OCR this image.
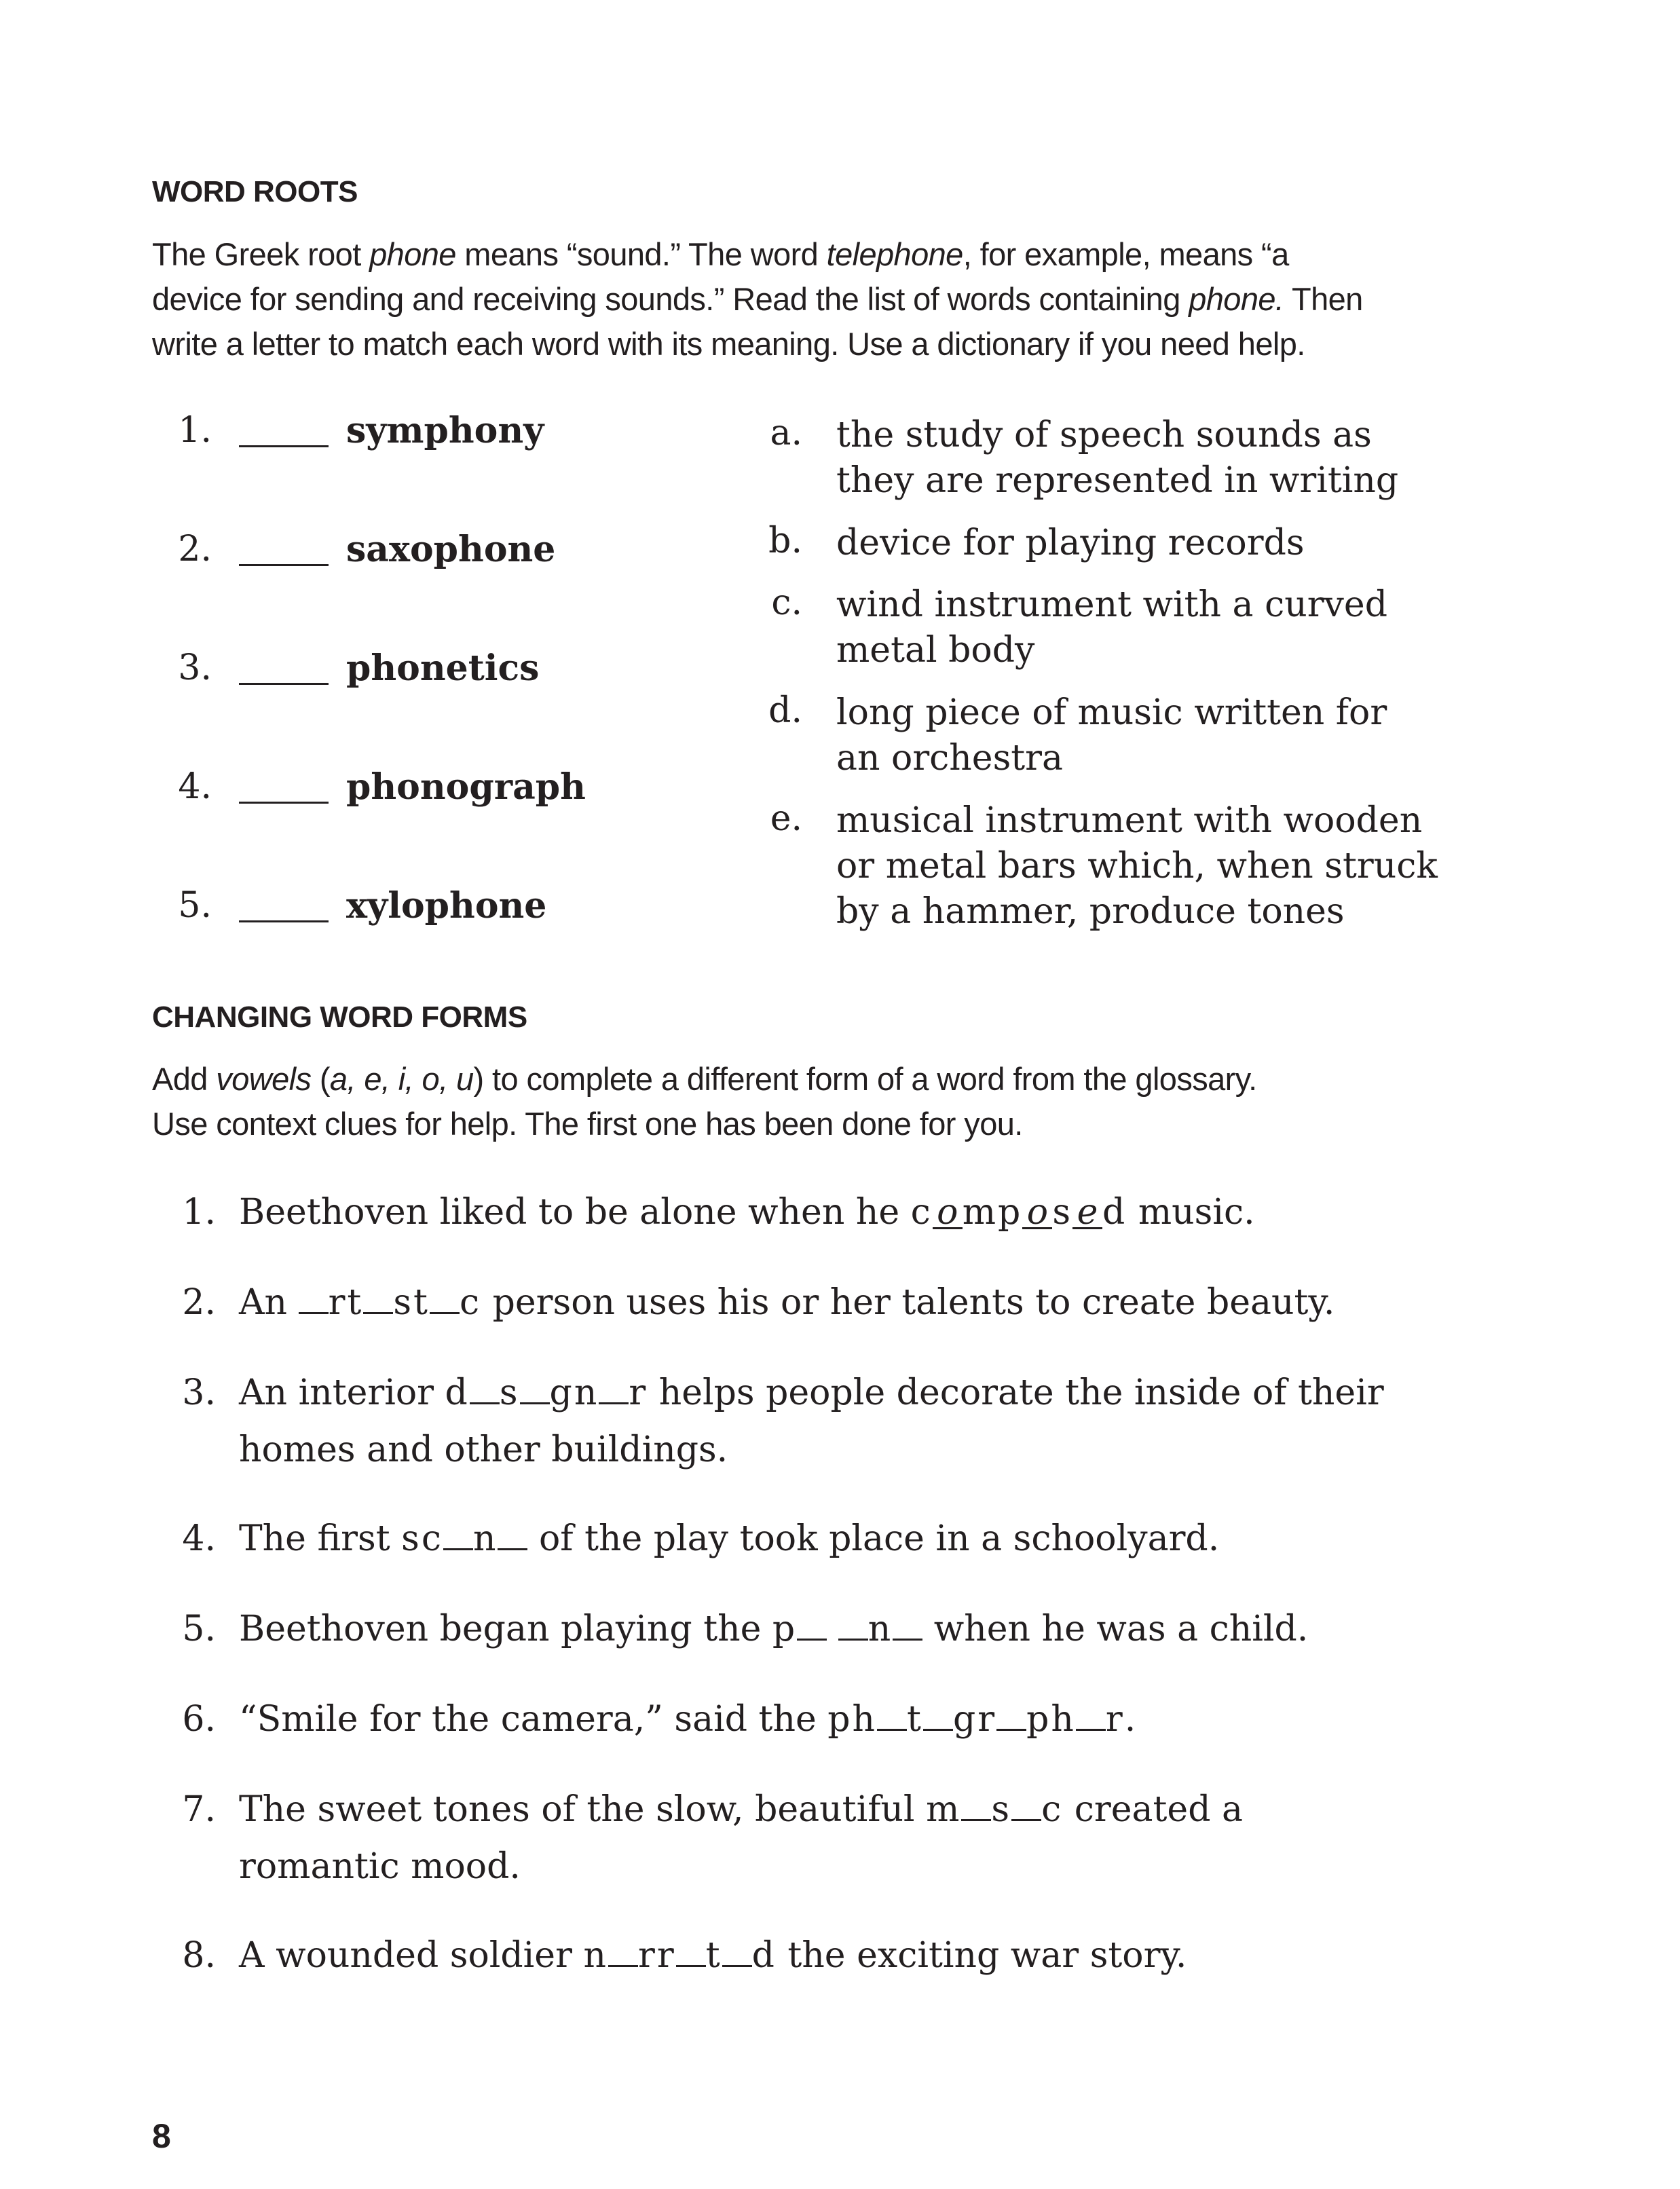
WORD ROOTS
The Greek root phone means “sound.” The word telephone, for example, means “a
device for sending and receiving sounds.” Read the list of words containing phone. Then
write a letter to match each word with its meaning. Use a dictionary if you need help.
1.	symphony
2.	saxophone
3.	phonetics
4.	phonograph
5.	xylophone
a. the study of speech sounds as
they are represented in writing
b. device for playing records
c. wind instrument with a curved
metal body
d. long piece of music written for
an orchestra
e. musical instrument with wooden
or metal bars which, when struck
by a hammer, produce tones
CHANGING WORD FORMS
Add vowels (a, e, i, o, u) to complete a different form of a word from the glossary.
Use context clues for help. The first one has been done for you.
1. Beethoven liked to be alone when he c o mp o s e d music.
2. An rt st c person uses his or her talents to create beauty.
3. An interior d s gn r helps people decorate the inside of their
homes and other buildings.
4. The first sc n of the play took place in a schoolyard.
5. Beethoven began playing the p n when he was a child.
6. “Smile for the camera,” said the ph t gr ph r.
7. The sweet tones of the slow, beautiful m s c created a
romantic mood.
8. A wounded soldier n rr t d the exciting war story.
8
